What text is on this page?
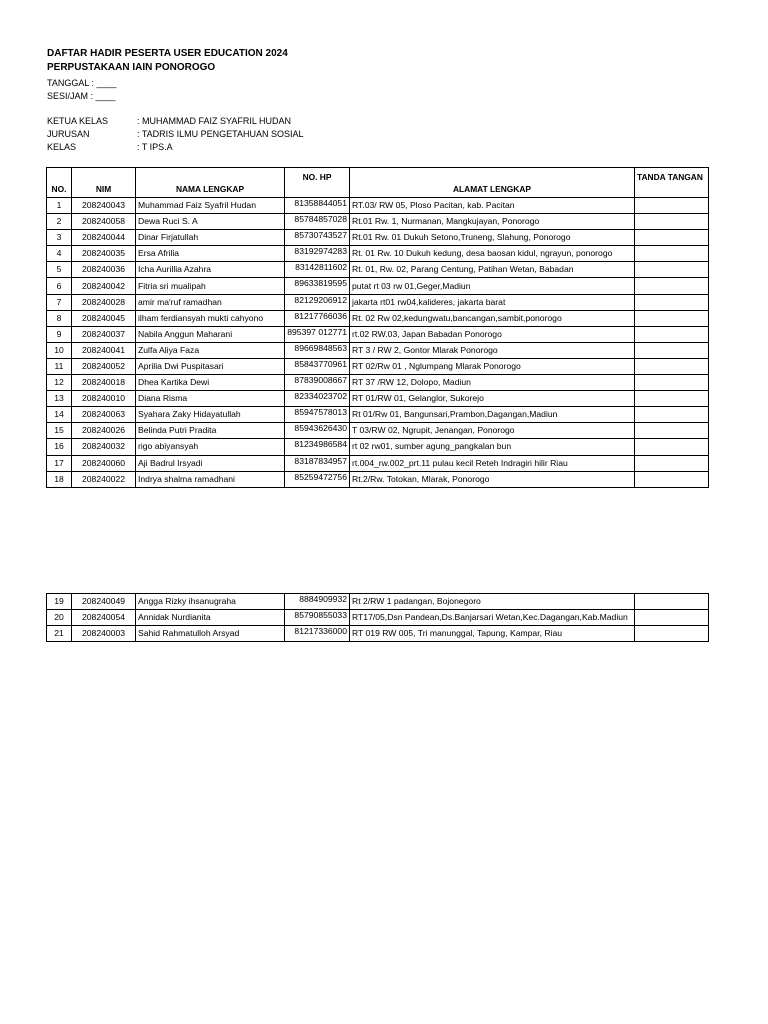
DAFTAR HADIR PESERTA USER EDUCATION 2024
PERPUSTAKAAN IAIN PONOROGO
TANGGAL : ____
SESI/JAM : ____
KETUA KELAS	: MUHAMMAD FAIZ SYAFRIL HUDAN
JURUSAN	: TADRIS ILMU PENGETAHUAN SOSIAL
KELAS	: T IPS.A
NO.	NIM	NAMA LENGKAP	NO. HP	ALAMAT LENGKAP	TANDA TANGAN
1	208240043	Muhammad Faiz Syafril Hudan	81358844051	RT.03/ RW 05, Ploso Pacitan, kab. Pacitan	
2	208240058	Dewa Ruci S. A	85784857028	Rt.01 Rw. 1, Nurmanan, Mangkujayan, Ponorogo	
3	208240044	Dinar Firjatullah	85730743527	Rt.01 Rw. 01 Dukuh Setono,Truneng, Slahung, Ponorogo	
4	208240035	Ersa Afrilia	83192974283	Rt. 01 Rw. 10 Dukuh kedung, desa baosan kidul, ngrayun, ponorogo	
5	208240036	Icha Aurillia Azahra	83142811602	Rt. 01, Rw. 02, Parang Centung, Patihan Wetan, Babadan	
6	208240042	Fitria sri mualipah	89633819595	putat rt 03 rw 01,Geger,Madiun	
7	208240028	amir ma'ruf ramadhan	82129206912	jakarta rt01 rw04,kalideres, jakarta barat	
8	208240045	ilham ferdiansyah mukti cahyono	81217766036	Rt. 02 Rw 02,kedungwatu,bancangan,sambit,ponorogo	
9	208240037	Nabila Anggun Maharani	895397 012771	rt.02 RW.03, Japan Babadan Ponorogo	
10	208240041	Zulfa Aliya Faza	89669848563	RT 3 / RW 2, Gontor Mlarak Ponorogo	
11	208240052	Aprilia Dwi Puspitasari	85843770961	RT 02/Rw 01 , Nglumpang Mlarak Ponorogo	
12	208240018	Dhea Kartika Dewi	87839008667	RT 37 /RW 12, Dolopo, Madiun	
13	208240010	Diana Risma	82334023702	RT 01/RW 01, Gelanglor, Sukorejo	
14	208240063	Syahara Zaky Hidayatullah	85947578013	Rt 01/Rw 01, Bangunsari,Prambon,Dagangan,Madiun	
15	208240026	Belinda Putri Pradita	85943626430	T 03/RW 02, Ngrupit, Jenangan, Ponorogo	
16	208240032	rigo abiyansyah	81234986584	rt 02 rw01, sumber agung_pangkalan bun	
17	208240060	Aji Badrul Irsyadi	83187834957	rt.004_rw.002_prt.11 pulau kecil Reteh Indragiri hilir Riau	
18	208240022	Indrya shalma ramadhani	85259472756	Rt.2/Rw. Totokan, Mlarak, Ponorogo	
19	208240049	Angga Rizky ihsanugraha	8884909932	Rt 2/RW 1 padangan, Bojonegoro	
20	208240054	Annidak Nurdianita	85790855033	RT17/05,Dsn Pandean,Ds.Banjarsari Wetan,Kec.Dagangan,Kab.Madiun	
21	208240003	Sahid Rahmatulloh Arsyad	81217336000	RT 019 RW 005, Tri manunggal, Tapung, Kampar, Riau	
